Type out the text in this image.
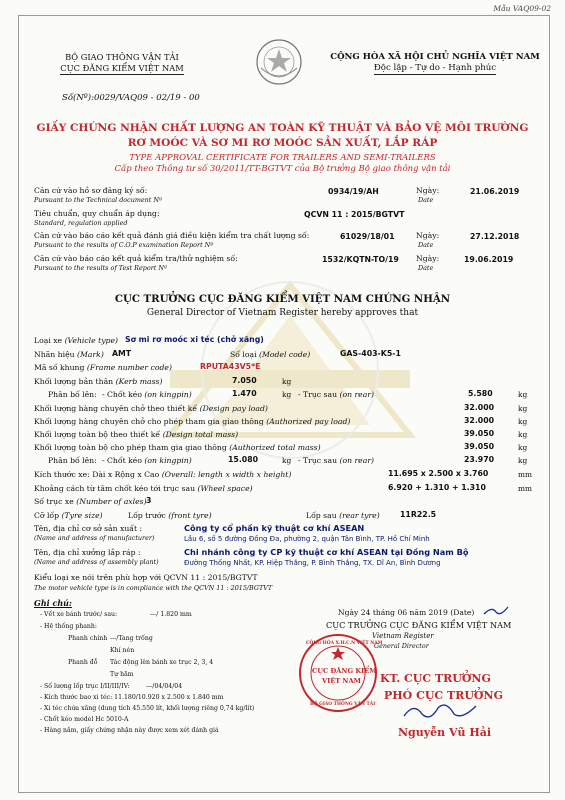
Mẫu VAQ09-02
BỘ GIAO THÔNG VẬN TẢI
CỤC ĐĂNG KIỂM VIỆT NAM
CỘNG HÒA XÃ HỘI CHỦ NGHĨA VIỆT NAM
Độc lập - Tự do - Hạnh phúc
Số(Nº):0029/VAQ09 - 02/19 - 00
GIẤY CHỨNG NHẬN CHẤT LƯỢNG AN TOÀN KỸ THUẬT VÀ BẢO VỆ MÔI TRƯỜNG
RƠ MOÓC VÀ SƠ MI RƠ MOÓC SẢN XUẤT, LẮP RÁP
TYPE APPROVAL CERTIFICATE FOR TRAILERS AND SEMI-TRAILERS
Cấp theo Thông tư số 30/2011/TT-BGTVT của Bộ trưởng Bộ giao thông vận tải
Căn cứ vào hồ sơ đăng ký số:
Pursuant to the Technical document Nº
0934/19/AH	Ngày:
Date
21.06.2019
Tiêu chuẩn, quy chuẩn áp dụng:
Standard, regulation applied
QCVN 11 : 2015/BGTVT
Căn cứ vào báo cáo kết quả đánh giá điều kiện kiểm tra chất lượng số:
Pursuant to the results of C.O.P examination Report Nº
61029/18/01	Ngày:
Date
27.12.2018
Căn cứ vào báo cáo kết quả kiểm tra/thử nghiệm số:
Pursuant to the results of Test Report Nº
1532/KQTN-TO/19 Ngày:
Date
19.06.2019
CỤC TRƯỞNG CỤC ĐĂNG KIỂM VIỆT NAM CHỨNG NHẬN
General Director of Vietnam Register hereby approves that
Loại xe (Vehicle type) Sơ mi rơ moóc xi téc (chở xăng)
Nhãn hiệu (Mark) AMT	Số loại (Model code)	GAS-403-K5-1
Mã số khung (Frame number code)	RPUTA43V5*E
Khối lượng bản thân (Kerb mass)	7.050	kg
Phân bố lên: - Chốt kéo (on kingpin)	1.470	kg - Trục sau (on rear)	5.580	kg
Khối lượng hàng chuyên chở theo thiết kế (Design pay load)	32.000	kg
Khối lượng hàng chuyên chở cho phép tham gia giao thông (Authorized pay load)	32.000	kg
Khối lượng toàn bộ theo thiết kế (Design total mass)	39.050	kg
Khối lượng toàn bộ cho phép tham gia giao thông (Authorized total mass)	39.050	kg
Phân bố lên: - Chốt kéo (on kingpin)	15.080	kg - Trục sau (on rear)	23.970	kg
Kích thước xe: Dài x Rộng x Cao (Overall: length x width x height)	11.695 x 2.500 x 3.760	mm
Khoảng cách từ tâm chốt kéo tới trục sau (Wheel space)	6.920 + 1.310 + 1.310	mm
Số trục xe (Number of axles) 3
Cỡ lốp (Tyre size)	Lốp trước (front tyre)	Lốp sau (rear tyre)	11R22.5
Tên, địa chỉ cơ sở sản xuất :
(Name and address of manufacturer)
Công ty cổ phần kỹ thuật cơ khí ASEAN
Lầu 6, số 5 đường Đồng Đa, phường 2, quận Tân Bình, TP. Hồ Chí Minh
Tên, địa chỉ xưởng lắp ráp :
(Name and address of assembly plant)
Chi nhánh công ty CP kỹ thuật cơ khí ASEAN tại Đồng Nam Bộ
Đường Thống Nhất, KP. Hiệp Thắng, P. Bình Thắng, TX. Dĩ An, Bình Dương
Kiểu loại xe nói trên phù hợp với QCVN 11 : 2015/BGTVT
The motor vehicle type is in compliance with the QCVN 11 : 2015/BGTVT
Ghi chú:
- Vết xe bánh trước/ sau:	---/ 1.820 mm
- Hệ thống phanh:
Phanh chính ---/Tang trống
Khí nén
Phanh đỗ Tác động lên bánh xe trục 2, 3, 4
Tự hãm
- Số lượng lốp trục I/II/III/IV:	---/04/04/04
- Kích thước bao xi téc: 11.180/10.920 x 2.500 x 1.840 mm
- Xi téc chứa xăng (dung tích 45.550 lít, khối lượng riêng 0,74 kg/lít)
- Chốt kéo model Hc 5010-A
- Hàng năm, giấy chứng nhận này được xem xét đánh giá
Ngày 24 tháng 06 năm 2019 (Date)
CỤC TRƯỞNG CỤC ĐĂNG KIỂM VIỆT NAM
Vietnam Register
General Director
CỘNG HÒA X.H.C.N VIỆT NAM
CỤC ĐĂNG KIỂM
VIỆT NAM
BỘ GIAO THÔNG VẬN TẢI
KT. CỤC TRƯỞNG
PHÓ CỤC TRƯỞNG
Nguyễn Vũ Hải
